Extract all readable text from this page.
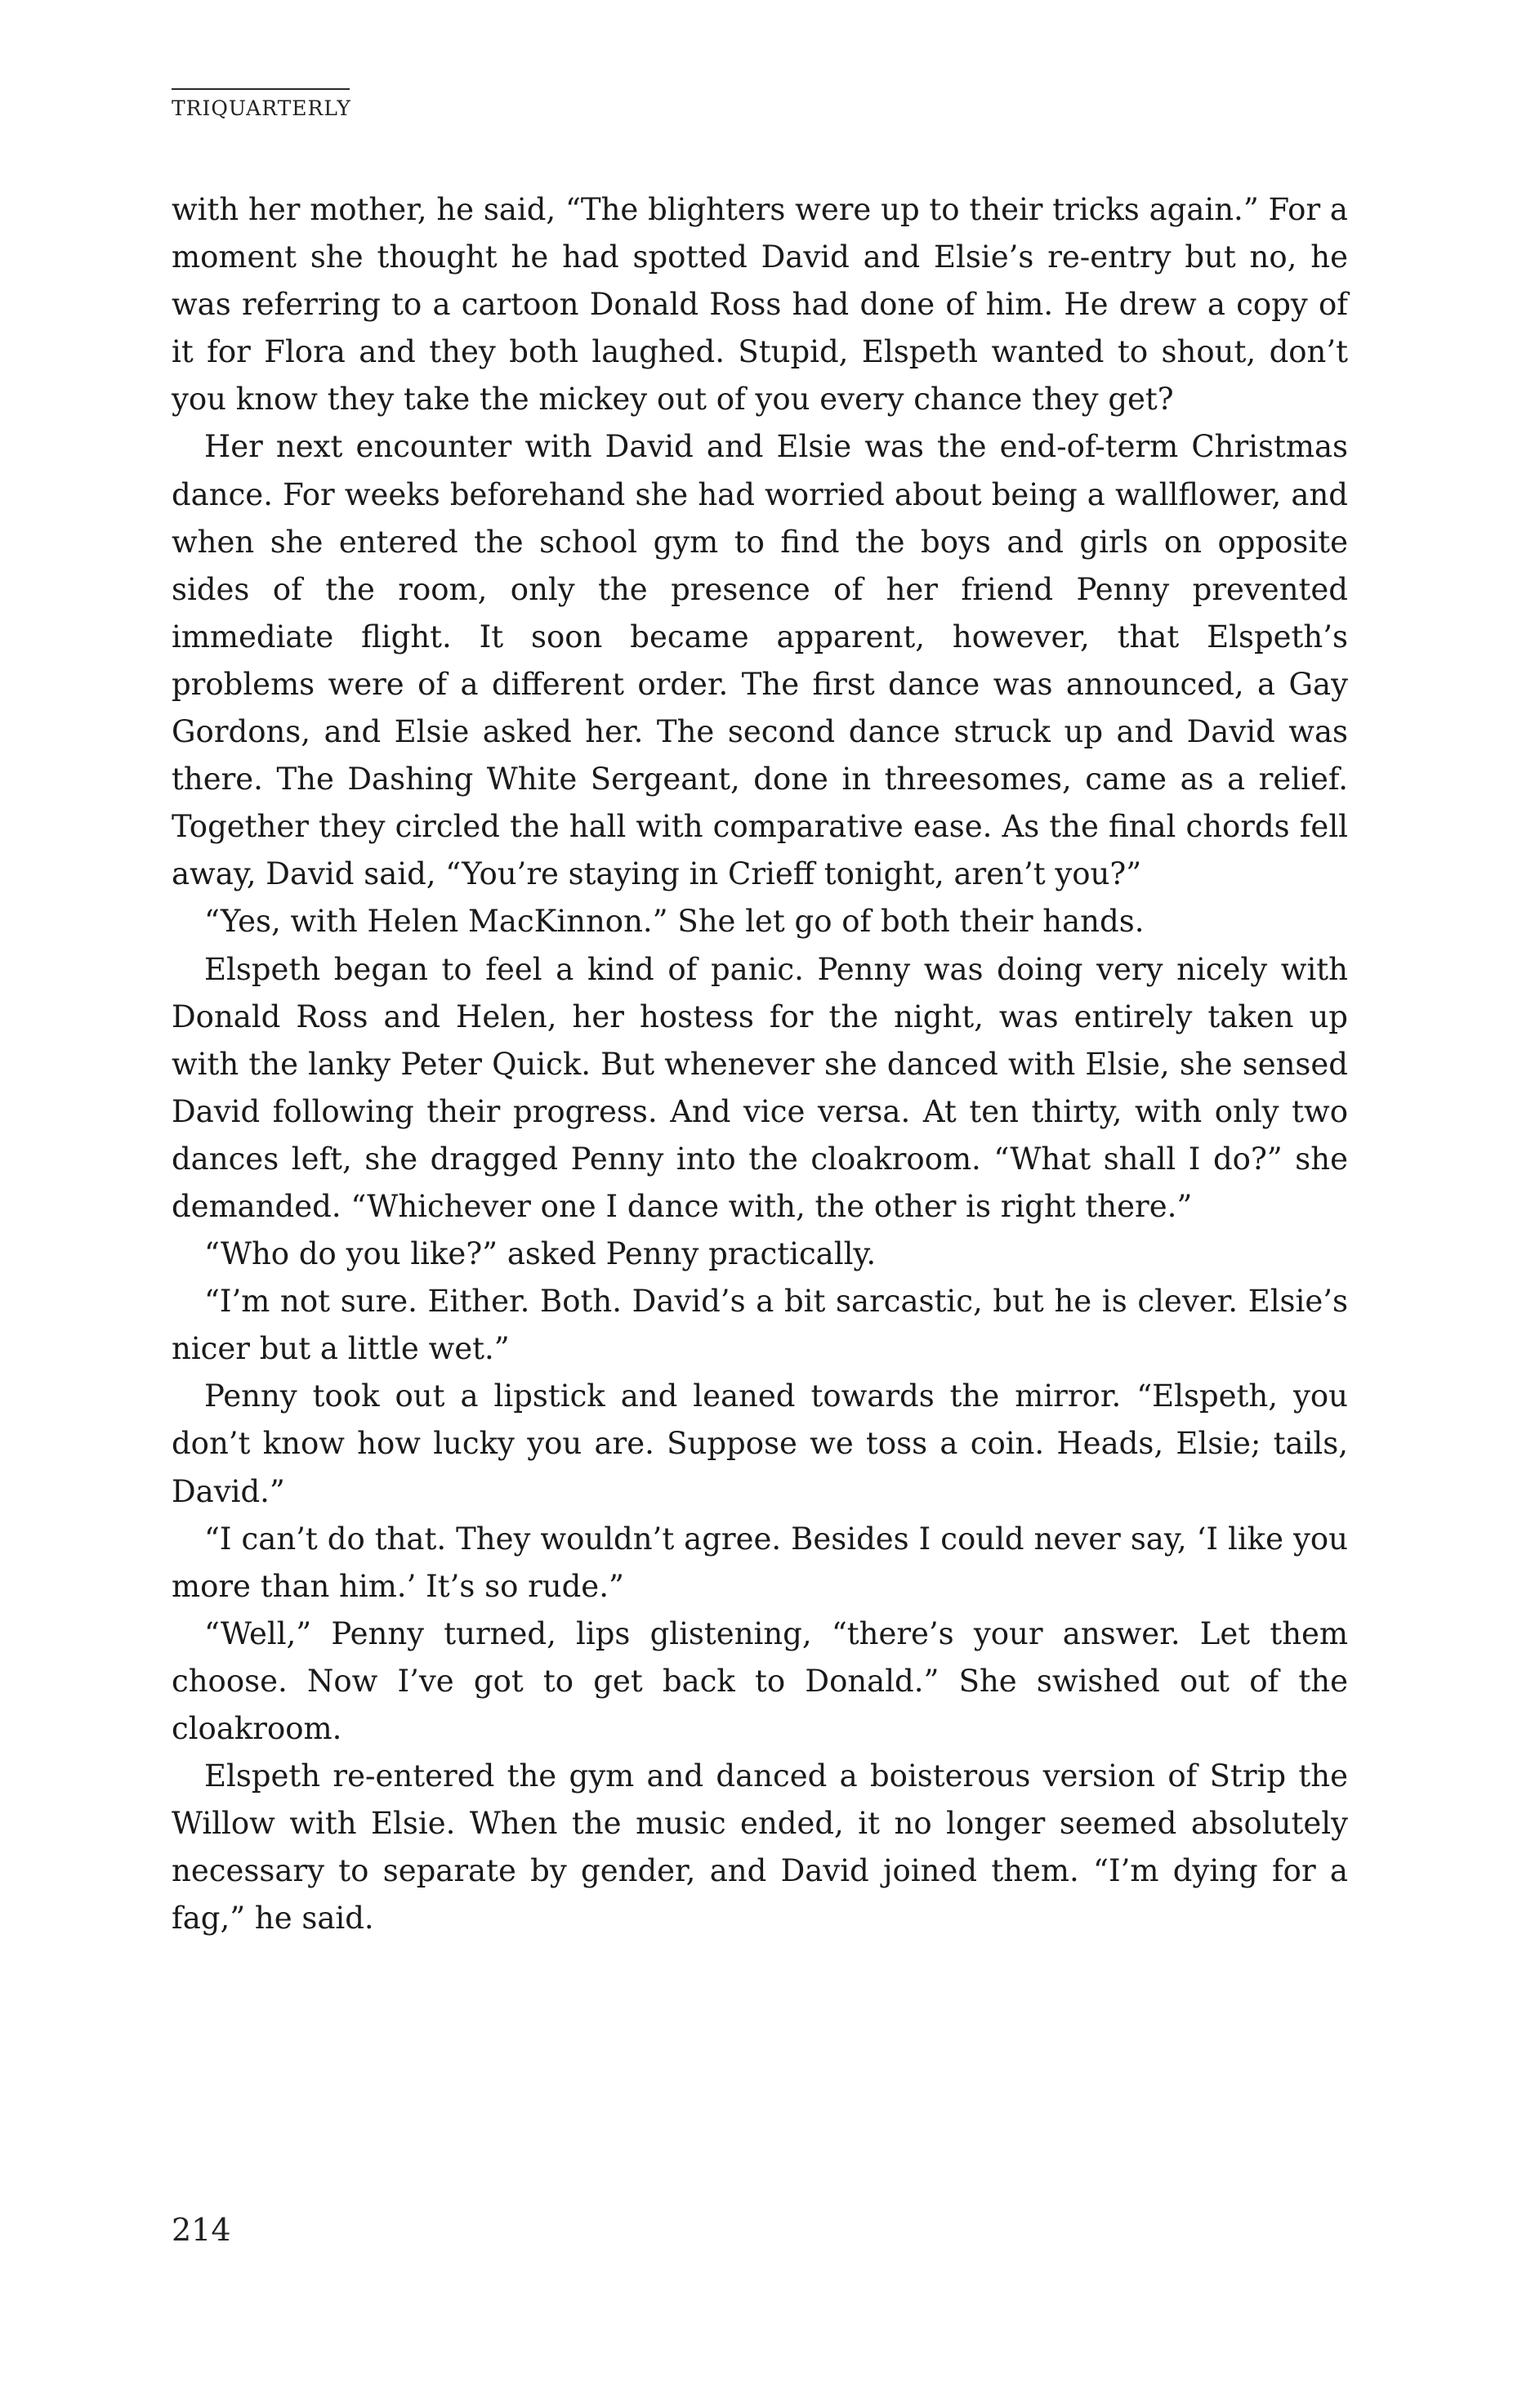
TRIQUARTERLY

with her mother, he said, “The blighters were up to their tricks again.” For a moment she thought he had spotted David and Elsie’s re-entry but no, he was referring to a cartoon Donald Ross had done of him. He drew a copy of it for Flora and they both laughed. Stupid, Elspeth wanted to shout, don’t you know they take the mickey out of you every chance they get?

Her next encounter with David and Elsie was the end-of-term Christmas dance. For weeks beforehand she had worried about being a wallflower, and when she entered the school gym to find the boys and girls on opposite sides of the room, only the presence of her friend Penny prevented immediate flight. It soon became apparent, however, that Elspeth’s problems were of a different order. The first dance was announced, a Gay Gordons, and Elsie asked her. The second dance struck up and David was there. The Dashing White Sergeant, done in threesomes, came as a relief. Together they circled the hall with comparative ease. As the final chords fell away, David said, “You’re staying in Crieff tonight, aren’t you?”

“Yes, with Helen MacKinnon.” She let go of both their hands.

Elspeth began to feel a kind of panic. Penny was doing very nicely with Donald Ross and Helen, her hostess for the night, was entirely taken up with the lanky Peter Quick. But whenever she danced with Elsie, she sensed David following their progress. And vice versa. At ten thirty, with only two dances left, she dragged Penny into the cloakroom. “What shall I do?” she demanded. “Whichever one I dance with, the other is right there.”

“Who do you like?” asked Penny practically.

“I’m not sure. Either. Both. David’s a bit sarcastic, but he is clever. Elsie’s nicer but a little wet.”

Penny took out a lipstick and leaned towards the mirror. “Elspeth, you don’t know how lucky you are. Suppose we toss a coin. Heads, Elsie; tails, David.”

“I can’t do that. They wouldn’t agree. Besides I could never say, ‘I like you more than him.’ It’s so rude.”

“Well,” Penny turned, lips glistening, “there’s your answer. Let them choose. Now I’ve got to get back to Donald.” She swished out of the cloakroom.

Elspeth re-entered the gym and danced a boisterous version of Strip the Willow with Elsie. When the music ended, it no longer seemed absolutely necessary to separate by gender, and David joined them. “I’m dying for a fag,” he said.

214
